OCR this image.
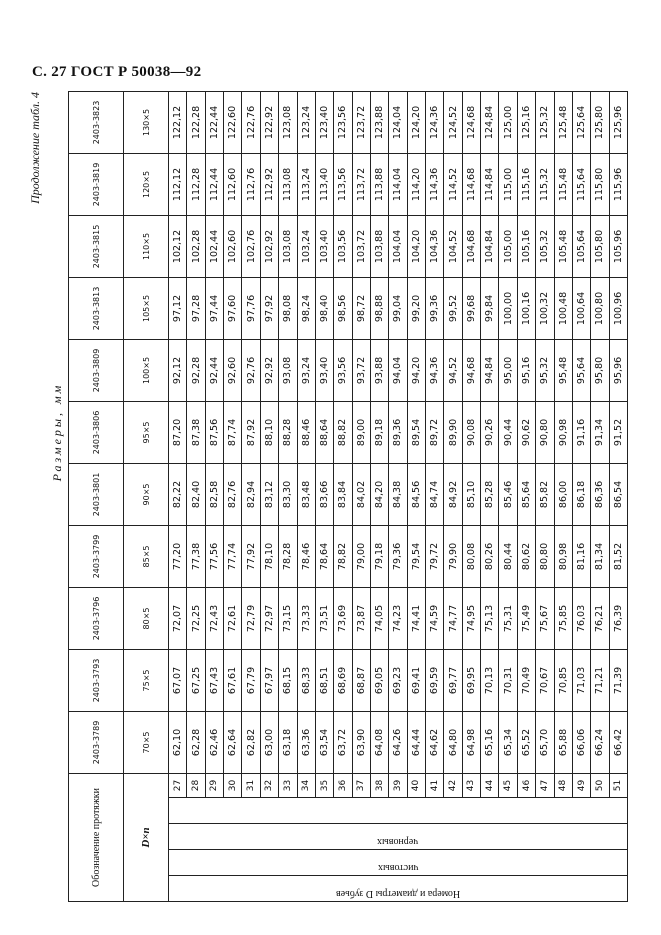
С. 27 ГОСТ Р 50038—92
Продолжение табл. 4
Размеры, мм
Обозначение протяжки					2403-3789	2403-3793	2403-3796	2403-3799	2403-3801	2403-3806	2403-3809	2403-3813	2403-3815	2403-3819	2403-3823
D×n					70×5	75×5	80×5	85×5	90×5	95×5	100×5	105×5	110×5	120×5	130×5

Номера и диаметры D зубьев	чистовых	черновых		27	62,10	67,07	72,07	77,20	82,22	87,20	92,12	97,12	102,12	112,12	122,12
				28	62,28	67,25	72,25	77,38	82,40	87,38	92,28	97,28	102,28	112,28	122,28
				29	62,46	67,43	72,43	77,56	82,58	87,56	92,44	97,44	102,44	112,44	122,44
				30	62,64	67,61	72,61	77,74	82,76	87,74	92,60	97,60	102,60	112,60	122,60
				31	62,82	67,79	72,79	77,92	82,94	87,92	92,76	97,76	102,76	112,76	122,76
				32	63,00	67,97	72,97	78,10	83,12	88,10	92,92	97,92	102,92	112,92	122,92
				33	63,18	68,15	73,15	78,28	83,30	88,28	93,08	98,08	103,08	113,08	123,08
				34	63,36	68,33	73,33	78,46	83,48	88,46	93,24	98,24	103,24	113,24	123,24
				35	63,54	68,51	73,51	78,64	83,66	88,64	93,40	98,40	103,40	113,40	123,40
				36	63,72	68,69	73,69	78,82	83,84	88,82	93,56	98,56	103,56	113,56	123,56
				37	63,90	68,87	73,87	79,00	84,02	89,00	93,72	98,72	103,72	113,72	123,72
				38	64,08	69,05	74,05	79,18	84,20	89,18	93,88	98,88	103,88	113,88	123,88
				39	64,26	69,23	74,23	79,36	84,38	89,36	94,04	99,04	104,04	114,04	124,04
				40	64,44	69,41	74,41	79,54	84,56	89,54	94,20	99,20	104,20	114,20	124,20
				41	64,62	69,59	74,59	79,72	84,74	89,72	94,36	99,36	104,36	114,36	124,36
				42	64,80	69,77	74,77	79,90	84,92	89,90	94,52	99,52	104,52	114,52	124,52
				43	64,98	69,95	74,95	80,08	85,10	90,08	94,68	99,68	104,68	114,68	124,68
				44	65,16	70,13	75,13	80,26	85,28	90,26	94,84	99,84	104,84	114,84	124,84
				45	65,34	70,31	75,31	80,44	85,46	90,44	95,00	100,00	105,00	115,00	125,00
				46	65,52	70,49	75,49	80,62	85,64	90,62	95,16	100,16	105,16	115,16	125,16
				47	65,70	70,67	75,67	80,80	85,82	90,80	95,32	100,32	105,32	115,32	125,32
				48	65,88	70,85	75,85	80,98	86,00	90,98	95,48	100,48	105,48	115,48	125,48
				49	66,06	71,03	76,03	81,16	86,18	91,16	95,64	100,64	105,64	115,64	125,64
				50	66,24	71,21	76,21	81,34	86,36	91,34	95,80	100,80	105,80	115,80	125,80
				51	66,42	71,39	76,39	81,52	86,54	91,52	95,96	100,96	105,96	115,96	125,96
